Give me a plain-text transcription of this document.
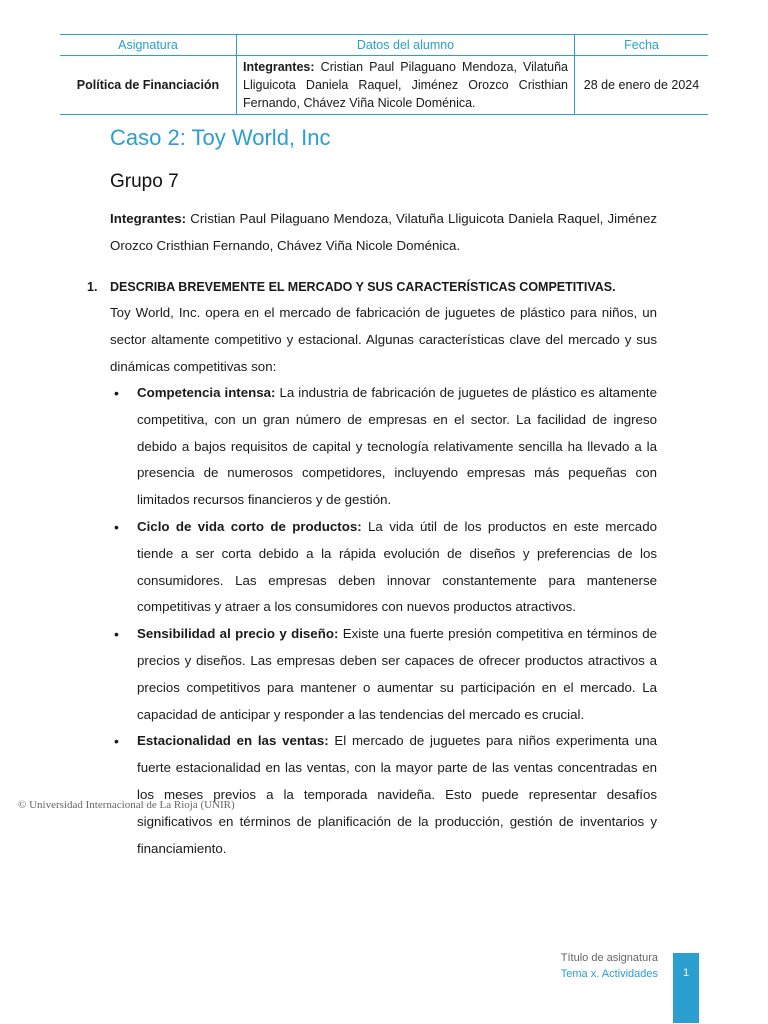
Asignatura	Datos del alumno	Fecha
Política de Financiación	Integrantes: Cristian Paul Pilaguano Mendoza, Vilatuña Lliguicota Daniela Raquel, Jiménez Orozco Cristhian Fernando, Chávez Viña Nicole Doménica.	28 de enero de 2024
Caso 2: Toy World, Inc
Grupo 7

Integrantes: Cristian Paul Pilaguano Mendoza, Vilatuña Lliguicota Daniela Raquel, Jiménez Orozco Cristhian Fernando, Chávez Viña Nicole Doménica.

1. DESCRIBA BREVEMENTE EL MERCADO Y SUS CARACTERÍSTICAS COMPETITIVAS.

Toy World, Inc. opera en el mercado de fabricación de juguetes de plástico para niños, un sector altamente competitivo y estacional. Algunas características clave del mercado y sus dinámicas competitivas son:

• Competencia intensa: La industria de fabricación de juguetes de plástico es altamente competitiva, con un gran número de empresas en el sector. La facilidad de ingreso debido a bajos requisitos de capital y tecnología relativamente sencilla ha llevado a la presencia de numerosos competidores, incluyendo empresas más pequeñas con limitados recursos financieros y de gestión.
• Ciclo de vida corto de productos: La vida útil de los productos en este mercado tiende a ser corta debido a la rápida evolución de diseños y preferencias de los consumidores. Las empresas deben innovar constantemente para mantenerse competitivas y atraer a los consumidores con nuevos productos atractivos.
• Sensibilidad al precio y diseño: Existe una fuerte presión competitiva en términos de precios y diseños. Las empresas deben ser capaces de ofrecer productos atractivos a precios competitivos para mantener o aumentar su participación en el mercado. La capacidad de anticipar y responder a las tendencias del mercado es crucial.
• Estacionalidad en las ventas: El mercado de juguetes para niños experimenta una fuerte estacionalidad en las ventas, con la mayor parte de las ventas concentradas en los meses previos a la temporada navideña. Esto puede representar desafíos significativos en términos de planificación de la producción, gestión de inventarios y financiamiento.
© Universidad Internacional de La Rioja (UNIR)
Título de asignatura
Tema x. Actividades	1
